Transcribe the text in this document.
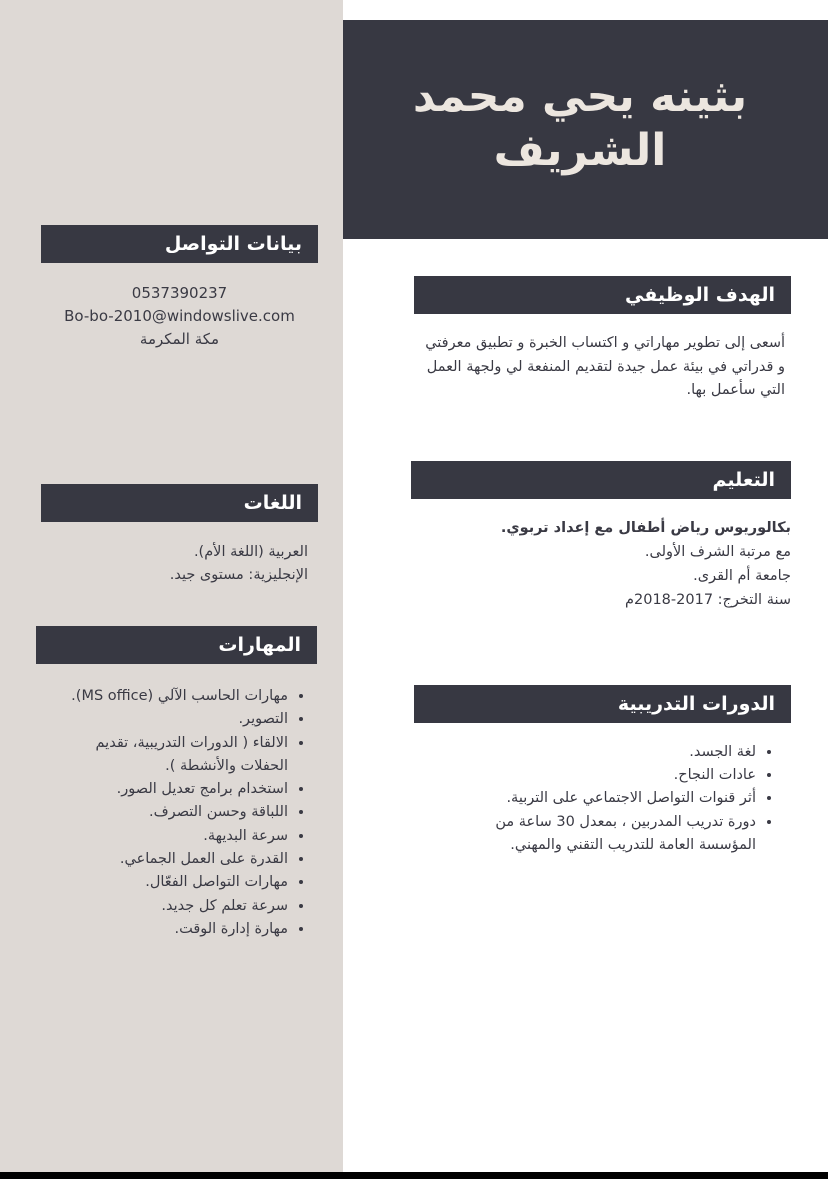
بثينه يحي محمد
الشريف
بيانات التواصل
0537390237
Bo-bo-2010@windowslive.com
مكة المكرمة
اللغات
العربية (اللغة الأم).
الإنجليزية: مستوى جيد.
المهارات
• مهارات الحاسب الآلي (MS office).
• التصوير.
• الالقاء ( الدورات التدريبية، تقديم الحفلات والأنشطة ).
• استخدام برامج تعديل الصور.
• اللباقة وحسن التصرف.
• سرعة البديهة.
• القدرة على العمل الجماعي.
• مهارات التواصل الفعّال.
• سرعة تعلم كل جديد.
• مهارة إدارة الوقت.
الهدف الوظيفي
أسعى إلى تطوير مهاراتي و اكتساب الخبرة و تطبيق معرفتي و قدراتي في بيئة عمل جيدة لتقديم المنفعة لي ولجهة العمل التي سأعمل بها.
التعليم
بكالوريوس رياض أطفال مع إعداد تربوي.
مع مرتبة الشرف الأولى.
جامعة أم القرى.
سنة التخرج: 2017-2018م
الدورات التدريبية
• لغة الجسد.
• عادات النجاح.
• أثر قنوات التواصل الاجتماعي على التربية.
• دورة تدريب المدربين ، بمعدل 30 ساعة من المؤسسة العامة للتدريب التقني والمهني.
